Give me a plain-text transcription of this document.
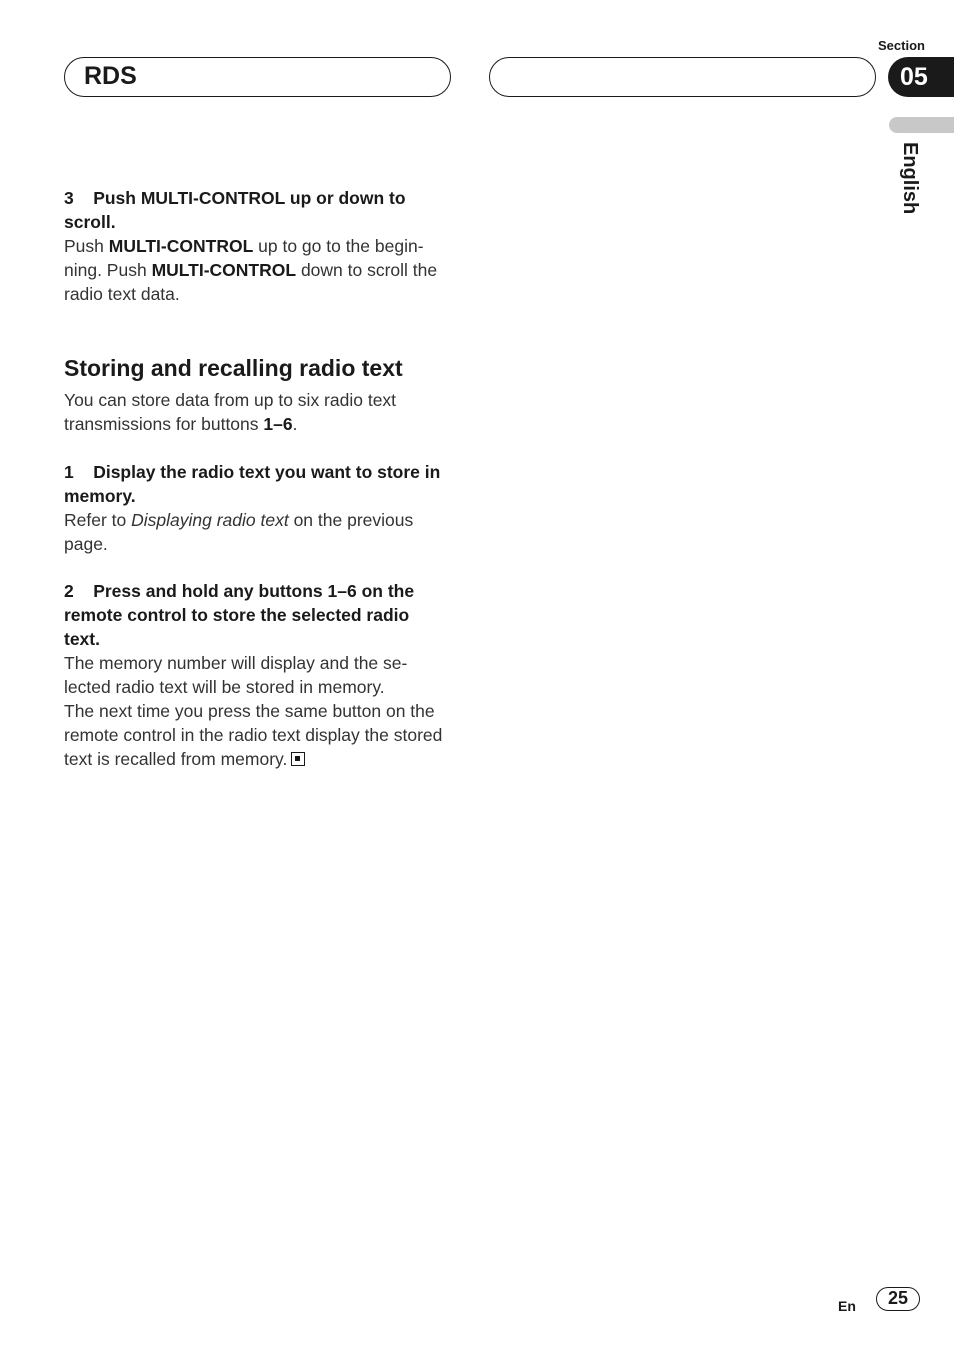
RDS
Section
05
English

3 Push MULTI-CONTROL up or down to scroll.

Push MULTI-CONTROL up to go to the begin-ning. Push MULTI-CONTROL down to scroll the radio text data.

Storing and recalling radio text

You can store data from up to six radio text transmissions for buttons 1–6.

1 Display the radio text you want to store in memory.

Refer to Displaying radio text on the previous page.

2 Press and hold any buttons 1–6 on the remote control to store the selected radio text.

The memory number will display and the se-lected radio text will be stored in memory.

The next time you press the same button on the remote control in the radio text display the stored text is recalled from memory.

En	25
